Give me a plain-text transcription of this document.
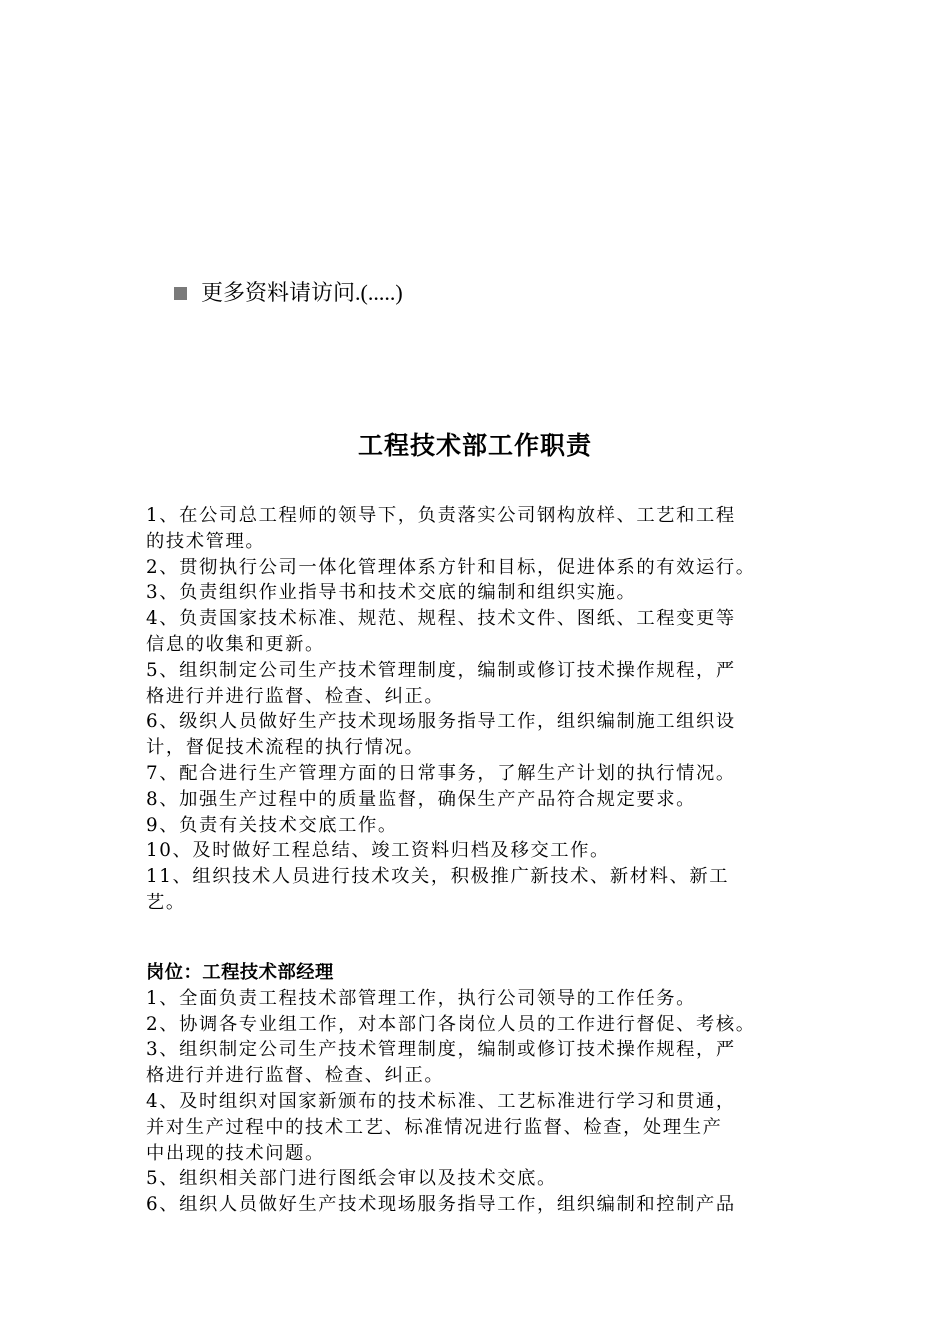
更多资料请访问.(.....)
工程技术部工作职责
1、在公司总工程师的领导下，负责落实公司钢构放样、工艺和工程
的技术管理。
2、贯彻执行公司一体化管理体系方针和目标，促进体系的有效运行。
3、负责组织作业指导书和技术交底的编制和组织实施。
4、负责国家技术标准、规范、规程、技术文件、图纸、工程变更等
信息的收集和更新。
5、组织制定公司生产技术管理制度，编制或修订技术操作规程，严
格进行并进行监督、检查、纠正。
6、级织人员做好生产技术现场服务指导工作，组织编制施工组织设
计，督促技术流程的执行情况。
7、配合进行生产管理方面的日常事务，了解生产计划的执行情况。
8、加强生产过程中的质量监督，确保生产产品符合规定要求。
9、负责有关技术交底工作。
10、及时做好工程总结、竣工资料归档及移交工作。
11、组织技术人员进行技术攻关，积极推广新技术、新材料、新工
艺。
岗位：工程技术部经理
1、全面负责工程技术部管理工作，执行公司领导的工作任务。
2、协调各专业组工作，对本部门各岗位人员的工作进行督促、考核。
3、组织制定公司生产技术管理制度，编制或修订技术操作规程，严
格进行并进行监督、检查、纠正。
4、及时组织对国家新颁布的技术标准、工艺标准进行学习和贯通，
并对生产过程中的技术工艺、标准情况进行监督、检查，处理生产
中出现的技术问题。
5、组织相关部门进行图纸会审以及技术交底。
6、组织人员做好生产技术现场服务指导工作，组织编制和控制产品
